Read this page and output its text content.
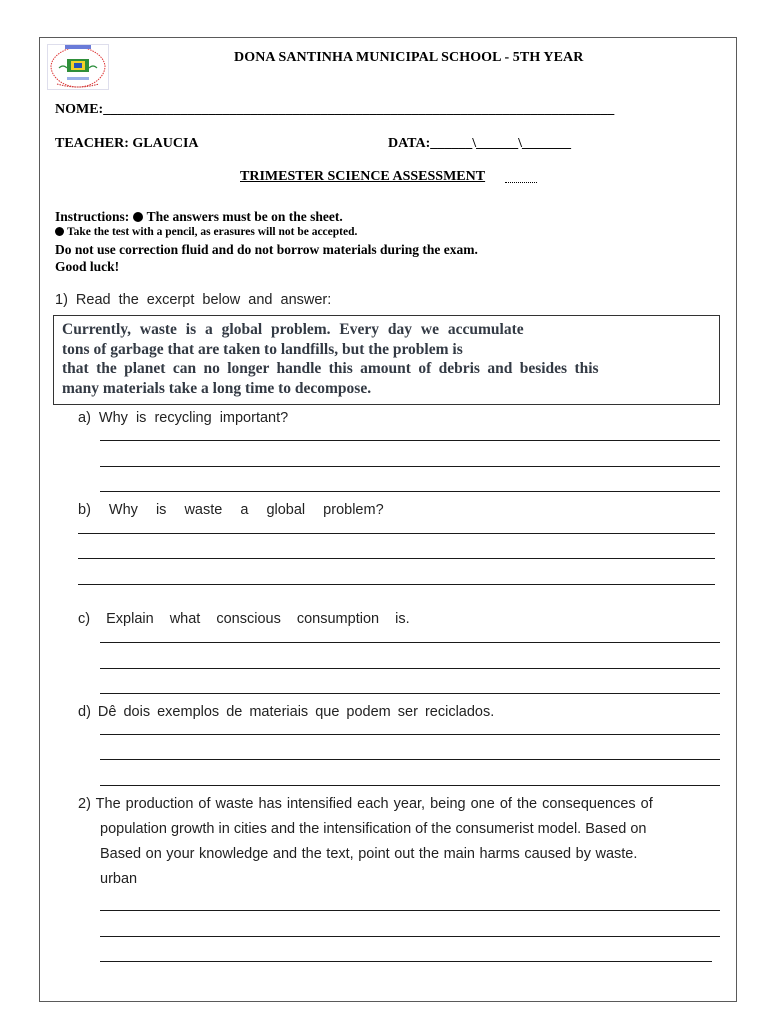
DONA SANTINHA MUNICIPAL SCHOOL - 5TH YEAR
NOME:_________________________________________________________________________
TEACHER: GLAUCIA	DATA:______\______\_______
TRIMESTER SCIENCE ASSESSMENT
Instructions: The answers must be on the sheet.
Take the test with a pencil, as erasures will not be accepted.
Do not use correction fluid and do not borrow materials during the exam.
Good luck!
1) Read the excerpt below and answer:
Currently, waste is a global problem. Every day we accumulate
tons of garbage that are taken to landfills, but the problem is
that the planet can no longer handle this amount of debris and besides this
many materials take a long time to decompose.
a) Why is recycling important?
b) Why is waste a global problem?
c) Explain what conscious consumption is.
d) Dê dois exemplos de materiais que podem ser reciclados.
2) The production of waste has intensified each year, being one of the consequences of
population growth in cities and the intensification of the consumerist model. Based on
Based on your knowledge and the text, point out the main harms caused by waste.
urban
